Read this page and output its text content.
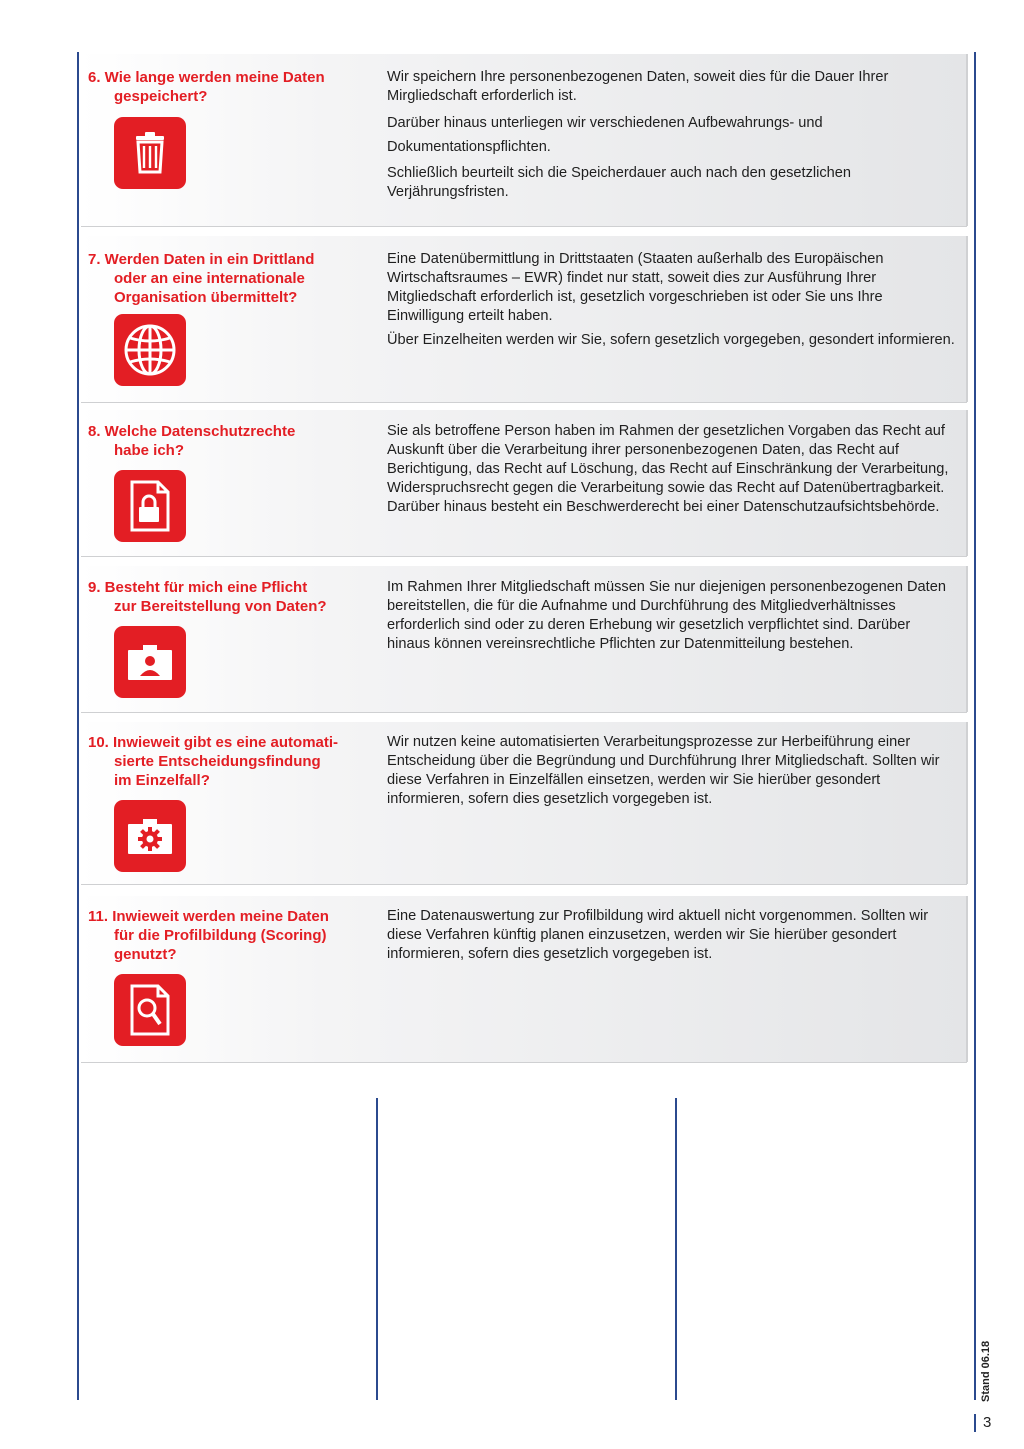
6. Wie lange werden meine Daten
gespeichert?

Wir speichern Ihre personenbezogenen Daten, soweit dies für die Dauer Ihrer Mirgliedschaft erforderlich ist.

Darüber hinaus unterliegen wir verschiedenen Aufbewahrungs- und Dokumentationspflichten.

Schließlich beurteilt sich die Speicherdauer auch nach den gesetzlichen Verjährungsfristen.

7. Werden Daten in ein Drittland
oder an eine internationale
Organisation übermittelt?

Eine Datenübermittlung in Drittstaaten (Staaten außerhalb des Europäischen Wirtschaftsraumes – EWR) findet nur statt, soweit dies zur Ausführung Ihrer Mitgliedschaft erforderlich ist, gesetzlich vorgeschrieben ist oder Sie uns Ihre Einwilligung erteilt haben.

Über Einzelheiten werden wir Sie, sofern gesetzlich vorgegeben, gesondert informieren.

8. Welche Datenschutzrechte
habe ich?

Sie als betroffene Person haben im Rahmen der gesetzlichen Vorgaben das Recht auf Auskunft über die Verarbeitung ihrer personenbezogenen Daten, das Recht auf Berichtigung, das Recht auf Löschung, das Recht auf Einschränkung der Verarbeitung, Widerspruchsrecht gegen die Verarbeitung sowie das Recht auf Datenübertragbarkeit. Darüber hinaus besteht ein Beschwerderecht bei einer Datenschutzaufsichtsbehörde.

9. Besteht für mich eine Pflicht
zur Bereitstellung von Daten?

Im Rahmen Ihrer Mitgliedschaft müssen Sie nur diejenigen personenbezogenen Daten bereitstellen, die für die Aufnahme und Durchführung des Mitgliedverhältnisses erforderlich sind oder zu deren Erhebung wir gesetzlich verpflichtet sind. Darüber hinaus können vereinsrechtliche Pflichten zur Datenmitteilung bestehen.

10. Inwieweit gibt es eine automati-
sierte Entscheidungsfindung
im Einzelfall?

Wir nutzen keine automatisierten Verarbeitungsprozesse zur Herbeiführung einer Entscheidung über die Begründung und Durchführung Ihrer Mitgliedschaft. Sollten wir diese Verfahren in Einzelfällen einsetzen, werden wir Sie hierüber gesondert informieren, sofern dies gesetzlich vorgegeben ist.

11. Inwieweit werden meine Daten
für die Profilbildung (Scoring)
genutzt?

Eine Datenauswertung zur Profilbildung wird aktuell nicht vorgenommen. Sollten wir diese Verfahren künftig planen einzusetzen, werden wir Sie hierüber gesondert informieren, sofern dies gesetzlich vorgegeben ist.

Stand 06.18
3
